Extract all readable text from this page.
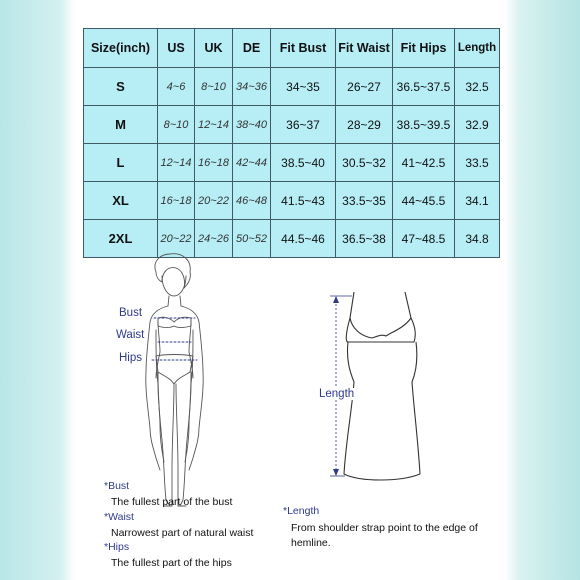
Size(inch)	US	UK	DE	Fit Bust	Fit Waist	Fit Hips	Length
S	4~6	8~10	34~36	34~35	26~27	36.5~37.5	32.5
M	8~10	12~14	38~40	36~37	28~29	38.5~39.5	32.9
L	12~14	16~18	42~44	38.5~40	30.5~32	41~42.5	33.5
XL	16~18	20~22	46~48	41.5~43	33.5~35	44~45.5	34.1
2XL	20~22	24~26	50~52	44.5~46	36.5~38	47~48.5	34.8
Bust
Waist
Hips
Length
*Bust
The fullest part of the bust
*Waist
Narrowest part of natural waist
*Hips
The fullest part of the hips
*Length
From shoulder strap point to the edge of
hemline.
